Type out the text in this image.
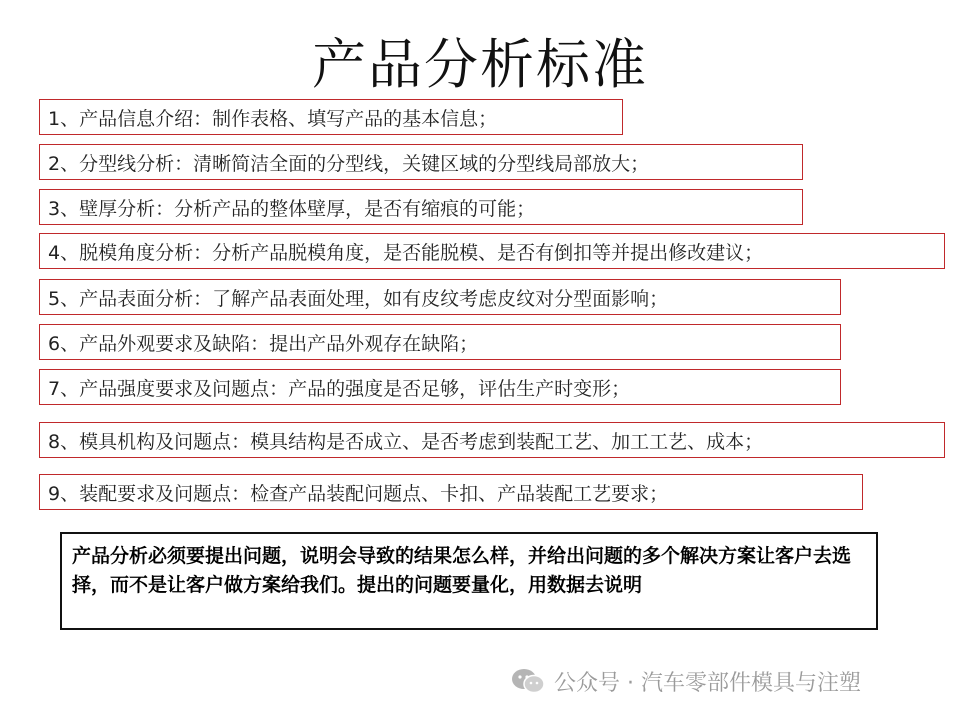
产品分析标准
1、产品信息介绍：制作表格、填写产品的基本信息；
2、分型线分析：清晰简洁全面的分型线，关键区域的分型线局部放大；
3、壁厚分析：分析产品的整体壁厚，是否有缩痕的可能；
4、脱模角度分析：分析产品脱模角度，是否能脱模、是否有倒扣等并提出修改建议；
5、产品表面分析：了解产品表面处理，如有皮纹考虑皮纹对分型面影响；
6、产品外观要求及缺陷：提出产品外观存在缺陷；
7、产品强度要求及问题点：产品的强度是否足够，评估生产时变形；
8、模具机构及问题点：模具结构是否成立、是否考虑到装配工艺、加工工艺、成本；
9、装配要求及问题点：检查产品装配问题点、卡扣、产品装配工艺要求；
产品分析必须要提出问题，说明会导致的结果怎么样，并给出问题的多个解决方案让客户去选择，而不是让客户做方案给我们。提出的问题要量化，用数据去说明
公众号 · 汽车零部件模具与注塑
